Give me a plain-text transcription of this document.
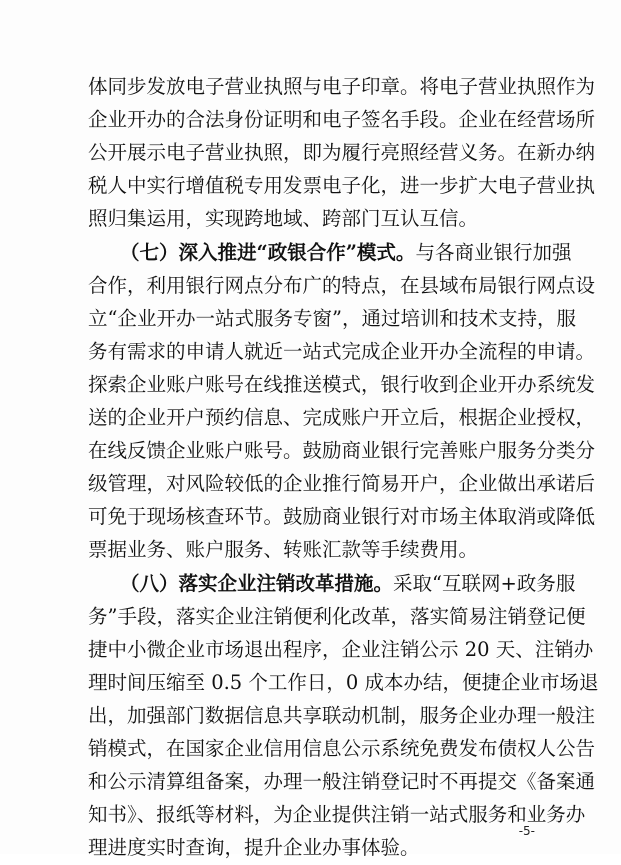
体同步发放电子营业执照与电子印章。将电子营业执照作为
企业开办的合法身份证明和电子签名手段。企业在经营场所
公开展示电子营业执照，即为履行亮照经营义务。在新办纳
税人中实行增值税专用发票电子化，进一步扩大电子营业执
照归集运用，实现跨地域、跨部门互认互信。
（七）深入推进“政银合作”模式。与各商业银行加强
合作，利用银行网点分布广的特点，在县域布局银行网点设
立“企业开办一站式服务专窗”，通过培训和技术支持，服
务有需求的申请人就近一站式完成企业开办全流程的申请。
探索企业账户账号在线推送模式，银行收到企业开办系统发
送的企业开户预约信息、完成账户开立后，根据企业授权，
在线反馈企业账户账号。鼓励商业银行完善账户服务分类分
级管理，对风险较低的企业推行简易开户，企业做出承诺后
可免于现场核查环节。鼓励商业银行对市场主体取消或降低
票据业务、账户服务、转账汇款等手续费用。
（八）落实企业注销改革措施。采取“互联网+政务服
务”手段，落实企业注销便利化改革，落实简易注销登记便
捷中小微企业市场退出程序，企业注销公示 20 天、注销办
理时间压缩至 0.5 个工作日，0 成本办结，便捷企业市场退
出，加强部门数据信息共享联动机制，服务企业办理一般注
销模式，在国家企业信用信息公示系统免费发布债权人公告
和公示清算组备案，办理一般注销登记时不再提交《备案通
知书》、报纸等材料，为企业提供注销一站式服务和业务办
理进度实时查询，提升企业办事体验。
-5-
